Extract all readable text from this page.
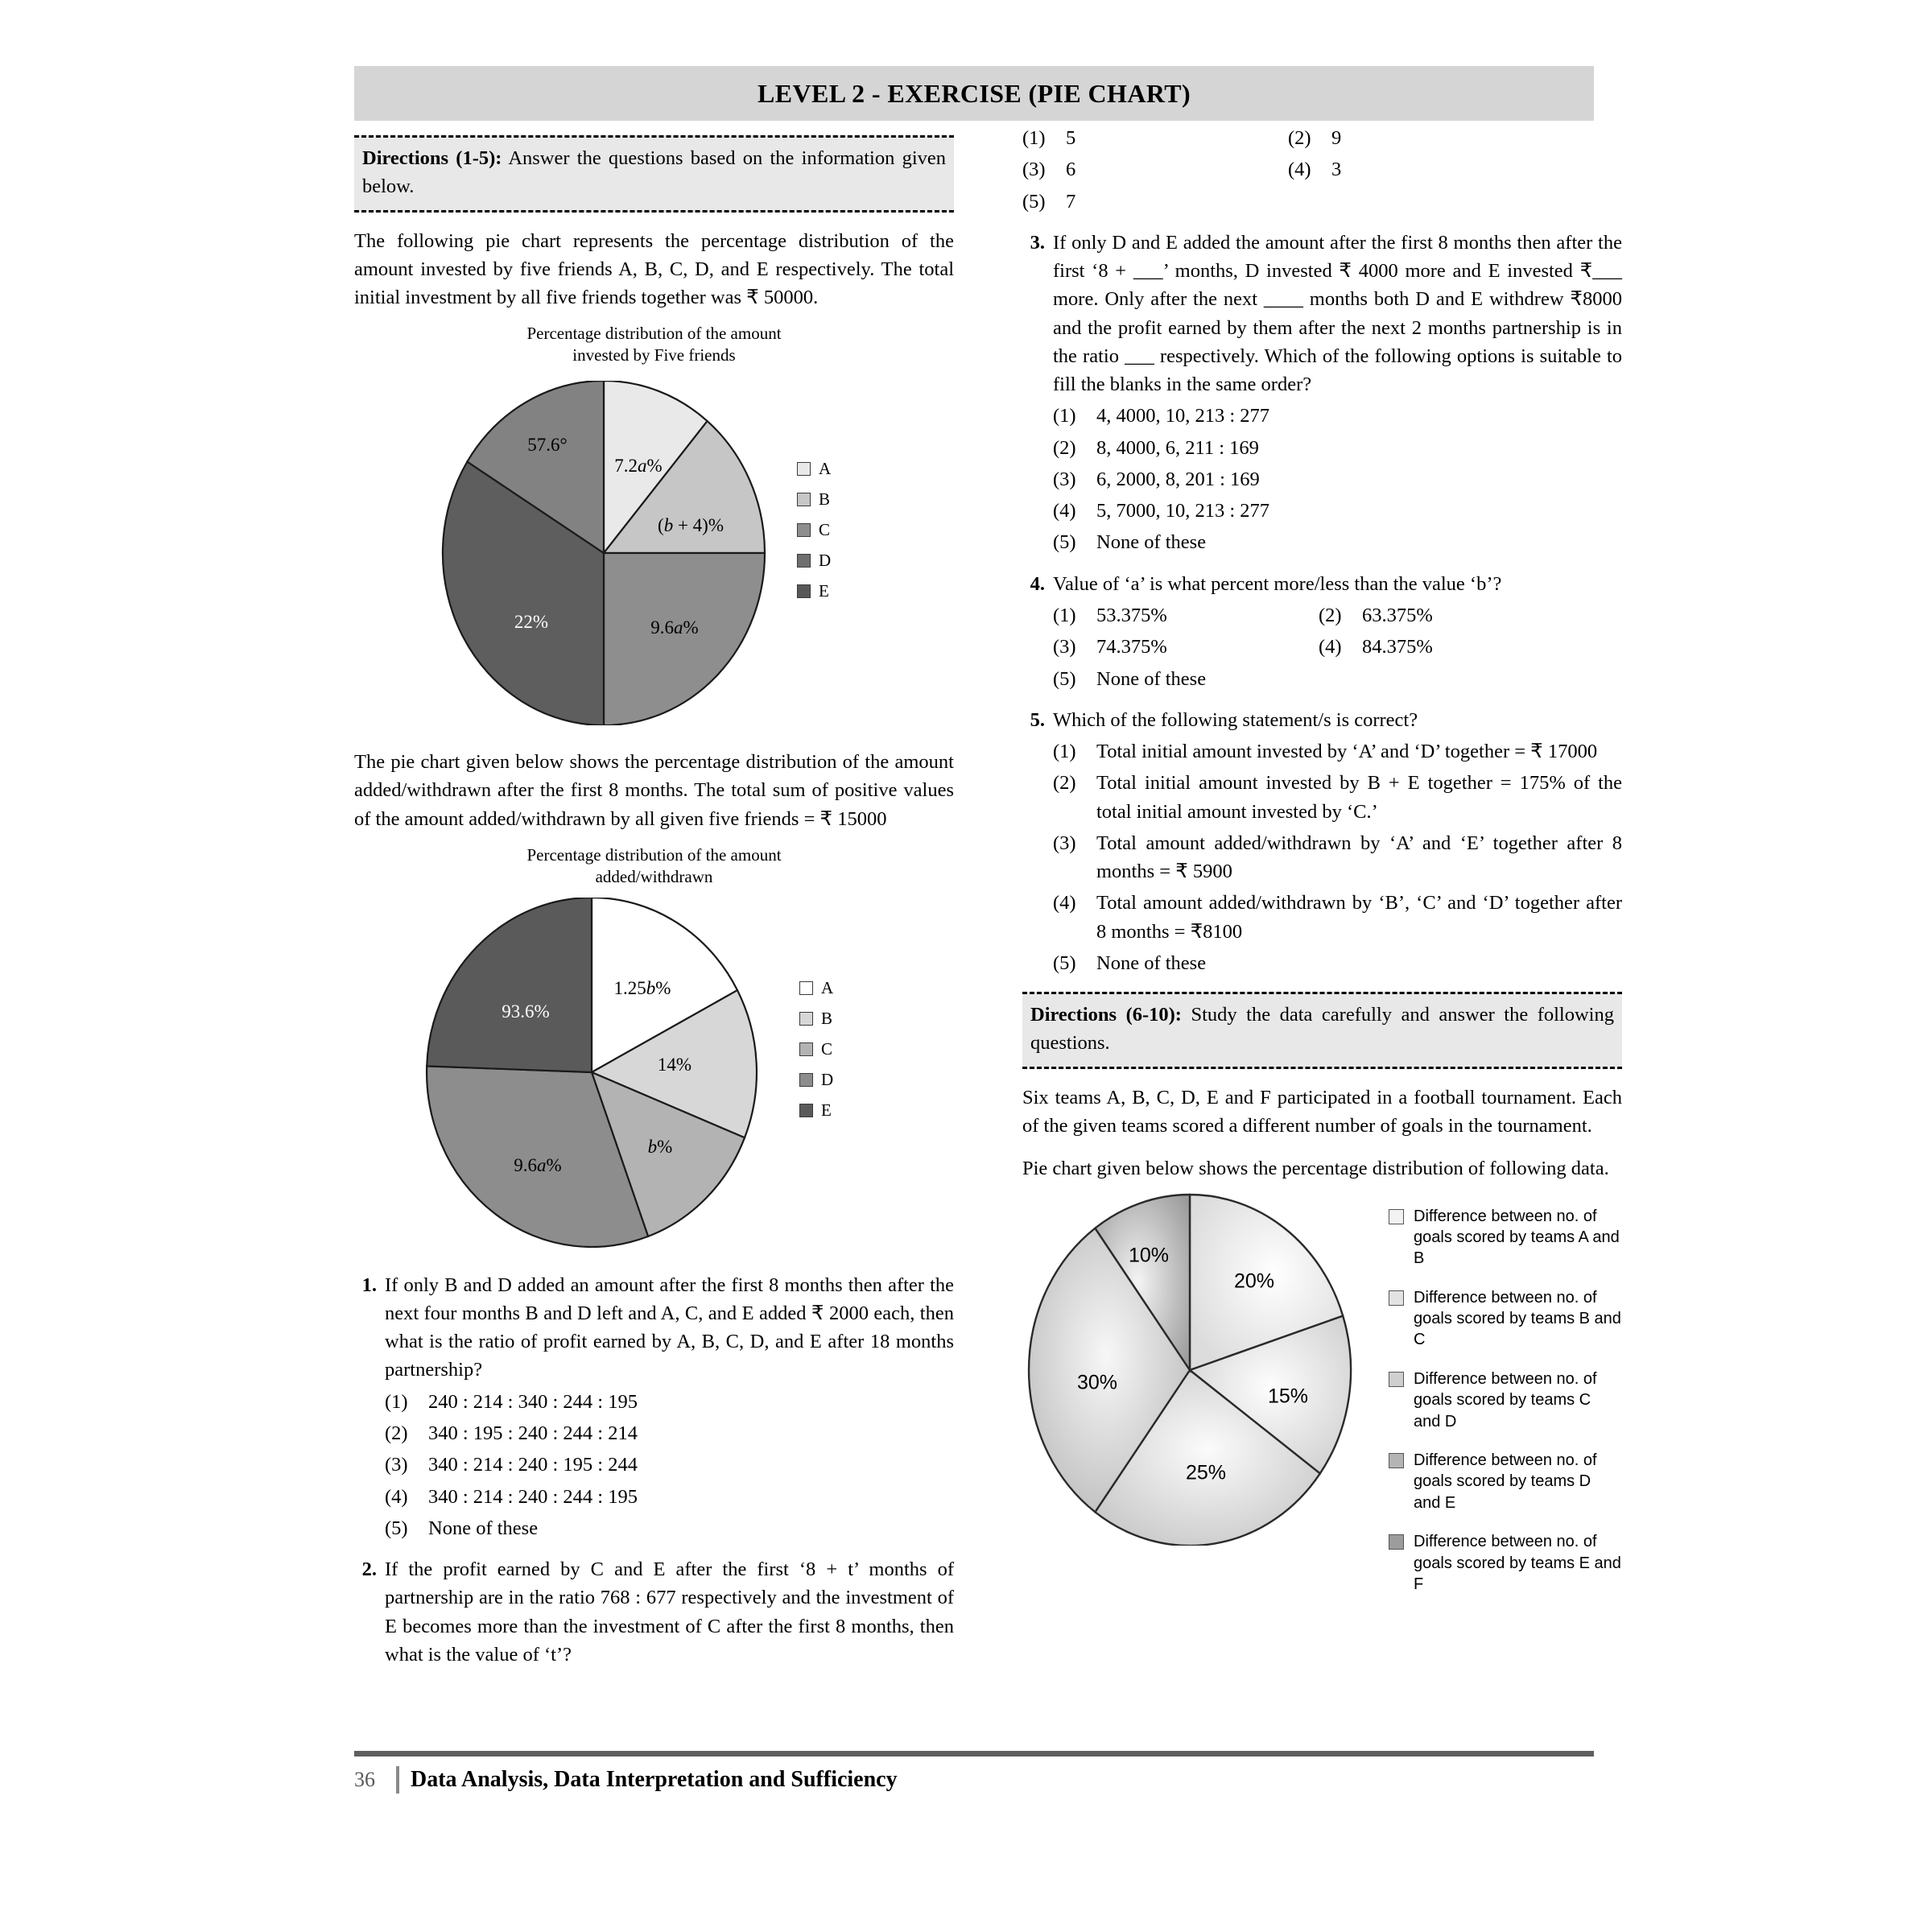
LEVEL 2 - EXERCISE (PIE CHART)
Directions (1-5): Answer the questions based on the information given below.
The following pie chart represents the percentage distribution of the amount invested by five friends A, B, C, D, and E respectively. The total initial investment by all five friends together was ₹ 50000.
Percentage distribution of the amount
invested by Five friends
7.2a%
(b + 4)%
9.6a%
57.6°
22%
A
B
C
D
E
The pie chart given below shows the percentage distribution of the amount added/withdrawn after the first 8 months. The total sum of positive values of the amount added/withdrawn by all given five friends = ₹ 15000
Percentage distribution of the amount
added/withdrawn
1.25b%
14%
b%
9.6a%
93.6%
A
B
C
D
E
1. If only B and D added an amount after the first 8 months then after the next four months B and D left and A, C, and E added ₹ 2000 each, then what is the ratio of profit earned by A, B, C, D, and E after 18 months partnership?
(1)	240 : 214 : 340 : 244 : 195
(2)	340 : 195 : 240 : 244 : 214
(3)	340 : 214 : 240 : 195 : 244
(4)	340 : 214 : 240 : 244 : 195
(5)	None of these
2. If the profit earned by C and E after the first ‘8 + t’ months of partnership are in the ratio 768 : 677 respectively and the investment of E becomes more than the investment of C after the first 8 months, then what is the value of ‘t’?
(1)	5	(2)	9
(3)	6	(4)	3
(5)	7
3. If only D and E added the amount after the first 8 months then after the first ‘8 + ___’ months, D invested ₹ 4000 more and E invested ₹___ more. Only after the next ____ months both D and E withdrew ₹8000 and the profit earned by them after the next 2 months partnership is in the ratio ___ respectively. Which of the following options is suitable to fill the blanks in the same order?
(1)	4, 4000, 10, 213 : 277
(2)	8, 4000, 6, 211 : 169
(3)	6, 2000, 8, 201 : 169
(4)	5, 7000, 10, 213 : 277
(5)	None of these
4. Value of ‘a’ is what percent more/less than the value ‘b’?
(1)	53.375%	(2)	63.375%
(3)	74.375%	(4)	84.375%
(5)	None of these
5. Which of the following statement/s is correct?
(1)	Total initial amount invested by ‘A’ and ‘D’ together = ₹ 17000
(2)	Total initial amount invested by B + E together = 175% of the total initial amount invested by ‘C.’
(3)	Total amount added/withdrawn by ‘A’ and ‘E’ together after 8 months = ₹ 5900
(4)	Total amount added/withdrawn by ‘B’, ‘C’ and ‘D’ together after 8 months = ₹8100
(5)	None of these
Directions (6-10): Study the data carefully and answer the following questions.
Six teams A, B, C, D, E and F participated in a football tournament. Each of the given teams scored a different number of goals in the tournament.
Pie chart given below shows the percentage distribution of following data.
20%
15%
25%
30%
10%
Difference between no. of goals scored by teams A and B
Difference between no. of goals scored by teams B and C
Difference between no. of goals scored by teams C and D
Difference between no. of goals scored by teams D and E
Difference between no. of goals scored by teams E and F
36	Data Analysis, Data Interpretation and Sufficiency
